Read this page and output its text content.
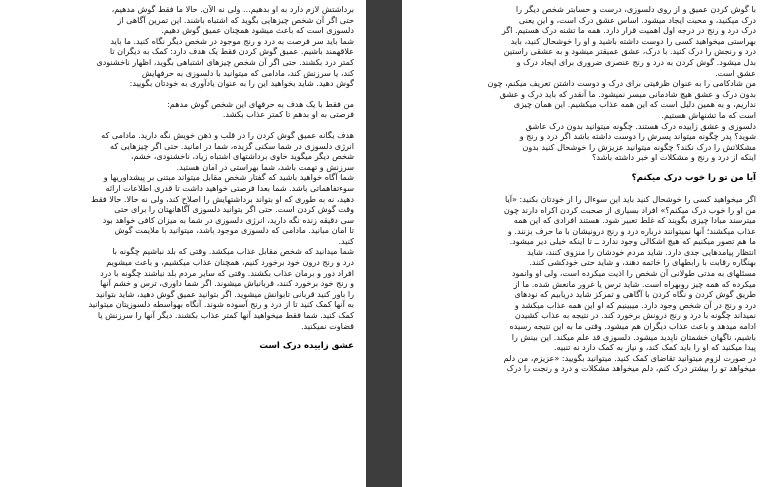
برداشتش لازم دارد به او بدهیم... ولی نه الآن. حالا ما فقط گوش مدهیم،
حتی اگر آن شخص چیزهایی بگوید که اشتباه باشند. این تمرین آگاهی از
دلسوزی است که باعث میشود همچنان عمیق گوش دهیم.
شما باید سر فرصت به درد و رنج موجود در شخص دیگر نگاه کنید. ما باید
علاقهمند باشیم. عمیق گوش کردن فقط یک هدف دارد: کمک به دیگران تا
کمتر درد بکشند. حتی اگر آن شخص چیزهای اشتباهی بگوید، اظهار ناخشنودی
کند، یا سرزنش کند، مادامی که میتوانید با دلسوزی به حرفهایش
گوش دهید. شاید بخواهید این را به عنوان یادآوری به خودتان بگویید:
من فقط با یک هدف به حرفهای این شخص گوش مدهم:
فرصتی به او بدهم تا کمتر عذاب بکشد.
هدف یگانه عمیق گوش کردن را در قلب و ذهن خویش نگه دارید. مادامی که
انرژی دلسوزی در شما سکنی گزیده، شما در امانید. حتی اگر چیزهایی که
شخص دیگر میگوید حاوی برداشتهای اشتباه زیاد، ناخشنودی، خشم،
سرزنش و تهمت باشد، شما بهراستی در امان هستید.
شما آگاه خواهید باشید که گفتار شخص مقابل میتواند مبتنی بر پیشداوریها و
سوءتفاهماتی باشد. شما بعدا فرصتی خواهید داشت تا قدری اطلاعات ارائه
دهید، نه به طوری که او بتواند برداشتهایش را اصلاح کند، ولی نه حالا. حالا فقط
وقت گوش کردن است. حتی اگر بتوانید دلسوزی آگاهانهتان را برای حتی
سی دقیقه زنده نگه دارید، انرژی دلسوزی در شما به میزان کافی خواهد بود
تا امان مبانید. مادامی که دلسوزی موجود باشد، میتوانید با ملایمت گوش
کنید.
شما میدانید که شخص مقابل عذاب میکشد. وقتی که بلد نباشیم چگونه با
درد و رنج درون خود برخورد کنیم، همچنان عذاب میکشیم، و باعث میشویم
افراد دور و برمان عذاب بکشند. وقتی که سایر مردم بلد نباشند چگونه با درد
و رنج خود برخورد کنند، قربانیاش میشوند. اگر شما داوری، ترس و خشم آنها
را باور کنید قربانی تابوانش میشوید. اگر بتوانید عمیق گوش دهید، شاید بتوانید
به آنها کمک کنید تا از درد و رنج آسوده شوند. آنگاه بهواسطه دلسوزیتان میتوانید
کمک کنید. شما فقط میخواهید آنها کمتر عذاب بکشند. دیگر آنها را سرزنش یا
قضاوت نمیکنید.
عشق زاییده درک است
با گوش کردن عمیق و از روی دلسوزی، درست و حسابتر شخص دیگر را
درک میکنید، و محبت ایجاد میشود. اساس عشق درک است، و این یعنی
درک درد و رنج در درجه اول اهمیت قرار دارد. همه ما تشنه درک هستیم. اگر
بهراستی میخواهید کسی را دوست داشته باشید و او را خوشحال کنید، باید
درد و رنجش را درک کنید. با درک، عشق عمیقتر میشود و به عشقی راستین
بدل میشود. گوش کردن به درد و رنج عنصری ضروری برای ایجاد درک و
عشق است.
من شادکامی را به عنوان ظرفیتی برای درک و دوست داشتن تعریف میکنم، چون
بدون درک و عشق هیچ شادمانی میسر نمیشود. ما آنقدر که باید درک و عشق
نداریم، و به همین دلیل است که این همه عذاب میکشیم. این همان چیزی
است که ما تشنهاش هستیم.
دلسوزی و عشق زاییده درک هستند. چگونه میتوانید بدون درک عاشق
شوید؟ پدر چگونه میتواند پسرش را دوست داشته باشد اگر درد و رنج و
مشکلاتش را درک نکند؟ چگونه میتوانید عزیزش را خوشحال کنید بدون
اینکه از درد و رنج و مشکلات او خبر داشته باشد؟
آیا من تو را خوب درک میکنم؟
اگر میخواهید کسی را خوشحال کنید باید این سوءال را از خودتان بکنید: «آیا
من او را خوب درک میکنم؟» افراد بسیاری از صحبت کردن اکراه دارند چون
میترسند مبادا چیزی بگویند که غلط تعبیر شود. هستند افرادی که این همه
عذاب میکشند؛ آنها نمیتوانند درباره درد و رنج درونیشان با ما حرف بزنند. و
ما هم تصور میکنیم که هیچ اشکالی وجود ندارد ــ تا اینکه خیلی دیر میشود.
انتظار پیامدهایی جدی دارد. شاید مردم خودشان را منزوی کنند، شاید
بهنگاره رقابت با رابطهای را خاتمه دهند، و شاید حتی خودکشی کنند.
مسئلهای به مدتی طولانی آن شخص را اذیت میکرده است، ولی او وانمود
میکرده که همه چیز روبهراه است. شاید ترس یا غرور مانعش شده. ما از
طریق گوش کردن و نگاه کردن با آگاهی و تمرکز شاید دریابیم که نودهای
درد و رنج در آن شخص وجود دارد. میبینیم که او این همه عذاب میکشد و
نمیداند چگونه با درد و رنج درونش برخورد کند. در نتیجه به عذاب کشیدن
ادامه میدهد و باعث عذاب دیگران هم میشود. وقتی ما به این نتیجه رسیده
باشیم، ناگهان خشمتان ناپدید میشود. دلسوزی قد علم میکند. این بینش را
پیدا میکنید که او را باید کمک کند، و نیاز به کمک دارد نه تنبیه.
در صورت لزوم میتوانید تقاضای کمک کنید. میتوانید بگویید: «عزیزم، من دلم
میخواهد تو را بیشتر درک کنم، دلم میخواهد مشکلات و درد و رنجت را درک
